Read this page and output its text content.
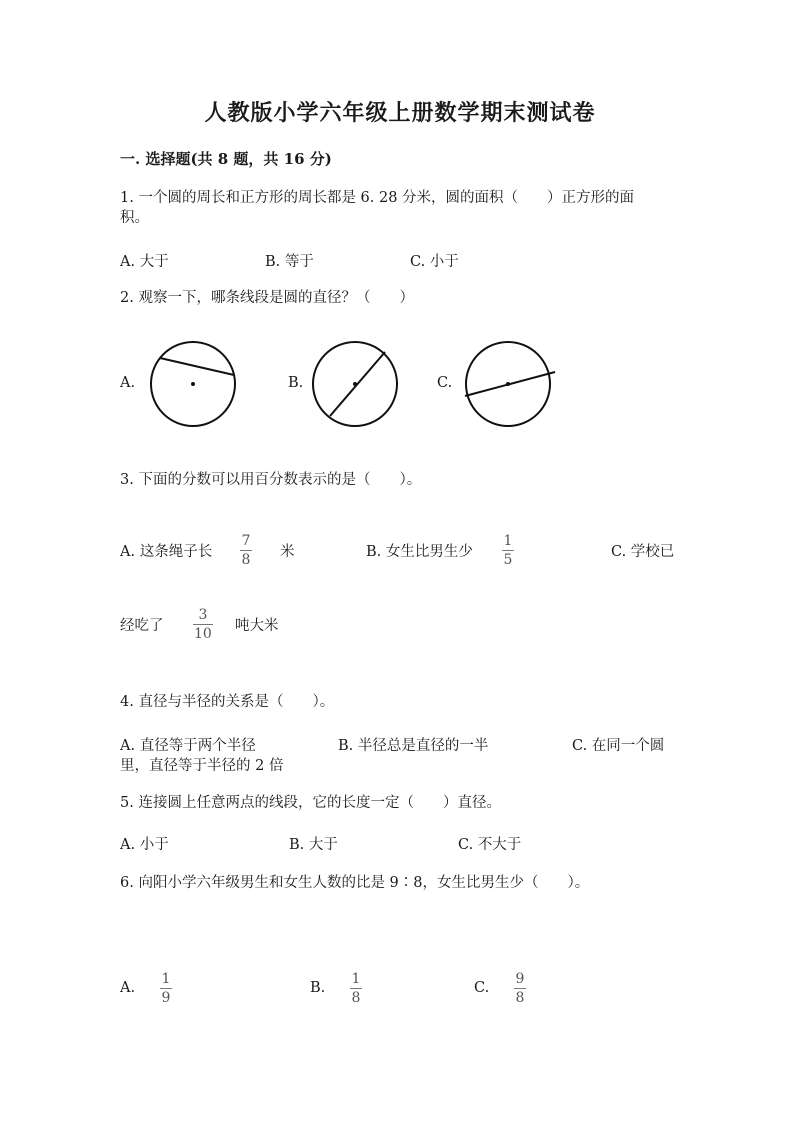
人教版小学六年级上册数学期末测试卷
一. 选择题(共 8 题，共 16 分)
1. 一个圆的周长和正方形的周长都是 6. 28 分米，圆的面积（　　）正方形的面
积。
A. 大于	B. 等于	C. 小于
2. 观察一下，哪条线段是圆的直径？（　　）
A.	B.	C.
3. 下面的分数可以用百分数表示的是（　　）。
A. 这条绳子长
7
8 米	B. 女生比男生少
1
5	C. 学校已
经吃了
3
10 吨大米
4. 直径与半径的关系是（　　）。
A. 直径等于两个半径	B. 半径总是直径的一半	C. 在同一个圆
里，直径等于半径的 2 倍
5. 连接圆上任意两点的线段，它的长度一定（　　）直径。
A. 小于	B. 大于	C. 不大于
6. 向阳小学六年级男生和女生人数的比是 9∶8，女生比男生少（　　）。
A.
1
9
B.
1
8
C.
9
8
